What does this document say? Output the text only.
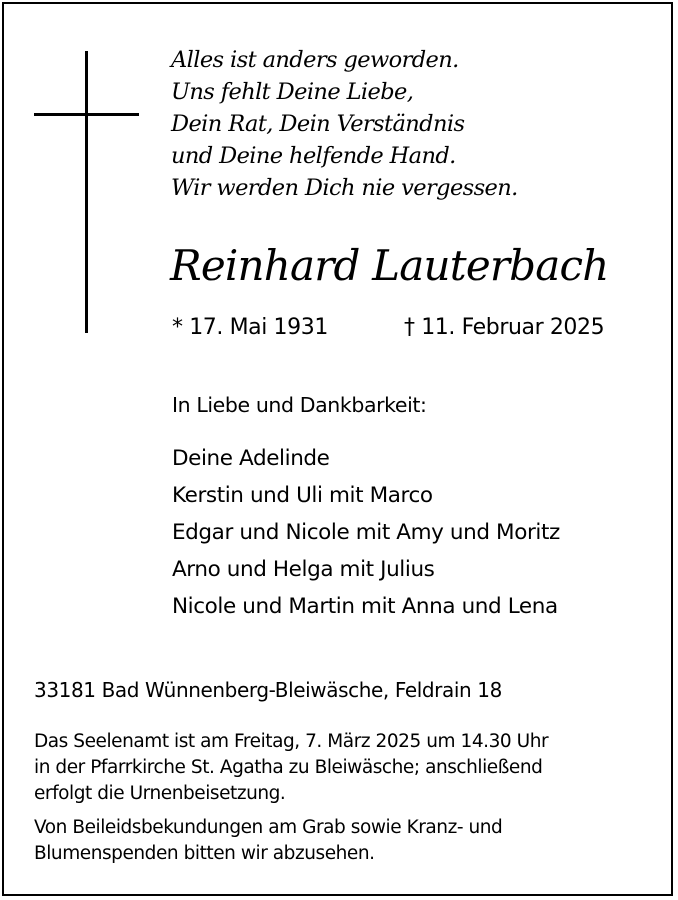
Alles ist anders geworden.
Uns fehlt Deine Liebe,
Dein Rat, Dein Verständnis
und Deine helfende Hand.
Wir werden Dich nie vergessen.
Reinhard Lauterbach
* 17. Mai 1931	† 11. Februar 2025
In Liebe und Dankbarkeit:
Deine Adelinde
Kerstin und Uli mit Marco
Edgar und Nicole mit Amy und Moritz
Arno und Helga mit Julius
Nicole und Martin mit Anna und Lena
33181 Bad Wünnenberg-Bleiwäsche, Feldrain 18
Das Seelenamt ist am Freitag, 7. März 2025 um 14.30 Uhr
in der Pfarrkirche St. Agatha zu Bleiwäsche; anschließend
erfolgt die Urnenbeisetzung.
Von Beileidsbekundungen am Grab sowie Kranz- und
Blumenspenden bitten wir abzusehen.
